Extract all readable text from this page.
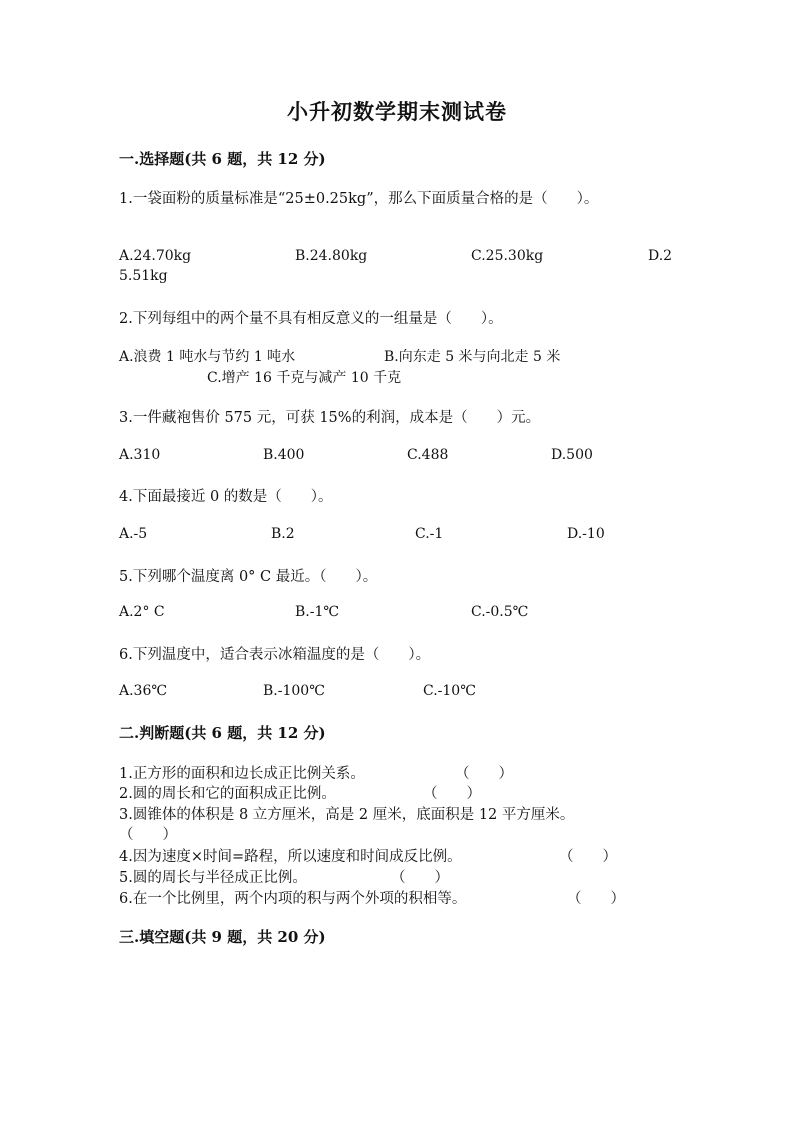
小升初数学期末测试卷
一.选择题(共 6 题，共 12 分)
1.一袋面粉的质量标准是“25±0.25kg”，那么下面质量合格的是（　　）。
A.24.70kg	B.24.80kg	C.25.30kg	D.2
5.51kg
2.下列每组中的两个量不具有相反意义的一组量是（　　）。
A.浪费 1 吨水与节约 1 吨水	B.向东走 5 米与向北走 5 米
C.增产 16 千克与减产 10 千克
3.一件藏袍售价 575 元，可获 15%的利润，成本是（　　）元。
A.310	B.400	C.488	D.500
4.下面最接近 0 的数是（　　）。
A.-5	B.2	C.-1	D.-10
5.下列哪个温度离 0° C 最近。（　　）。
A.2° C	B.-1℃	C.-0.5℃
6.下列温度中，适合表示冰箱温度的是（　　）。
A.36℃	B.-100℃	C.-10℃
二.判断题(共 6 题，共 12 分)
1.正方形的面积和边长成正比例关系。	（　　）
2.圆的周长和它的面积成正比例。	（　　）
3.圆锥体的体积是 8 立方厘米，高是 2 厘米，底面积是 12 平方厘米。
（　　）
4.因为速度×时间=路程，所以速度和时间成反比例。	（　　）
5.圆的周长与半径成正比例。	（　　）
6.在一个比例里，两个内项的积与两个外项的积相等。	（　　）
三.填空题(共 9 题，共 20 分)
